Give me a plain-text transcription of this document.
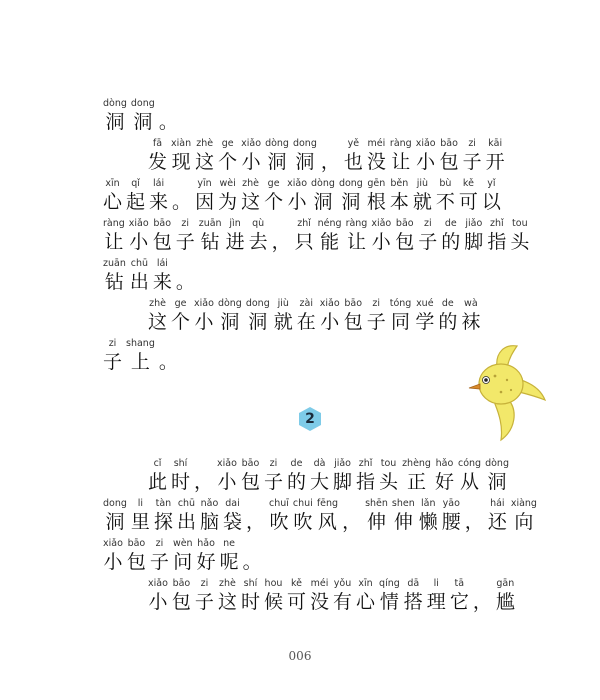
dòng
洞
dong
洞 。
fā
发
xiàn
现
zhè
这
ge
个
xiǎo
小
dòng
洞
dong
洞 ，
yě
也
méi
没
ràng
让
xiǎo
小
bāo
包
zi
子
kāi
开
xīn
心
qǐ
起
lái
来 。
yīn
因
wèi
为
zhè
这
ge
个
xiǎo
小
dòng
洞
dong
洞
gēn
根
běn
本
jiù
就
bù
不
kě
可
yǐ
以
ràng
让
xiǎo
小
bāo
包
zi
子
zuān
钻
jìn
进
qù
去 ，
zhǐ
只
néng
能
ràng
让
xiǎo
小
bāo
包
zi
子
de
的
jiǎo
脚
zhǐ
指
tou
头
zuān
钻
chū
出
lái
来 。
zhè
这
ge
个
xiǎo
小
dòng
洞
dong
洞
jiù
就
zài
在
xiǎo
小
bāo
包
zi
子
tóng
同
xué
学
de
的
wà
袜
zi
子
shang
上 。
cǐ
此
shí
时 ，
xiǎo
小
bāo
包
zi
子
de
的
dà
大
jiǎo
脚
zhǐ
指
tou
头
zhèng
正
hǎo
好
cóng
从
dòng
洞
dong
洞
li
里
tàn
探
chū
出
nǎo
脑
dai
袋 ，
chuī
吹
chui
吹
fēng
风 ，
shēn
伸
shen
伸
lǎn
懒
yāo
腰 ，
hái
还
xiàng
向
xiǎo
小
bāo
包
zi
子
wèn
问
hǎo
好
ne
呢 。
xiǎo
小
bāo
包
zi
子
zhè
这
shí
时
hou
候
kě
可
méi
没
yǒu
有
xīn
心
qíng
情
dā
搭
li
理
tā
它 ，
gān
尴
2
006
